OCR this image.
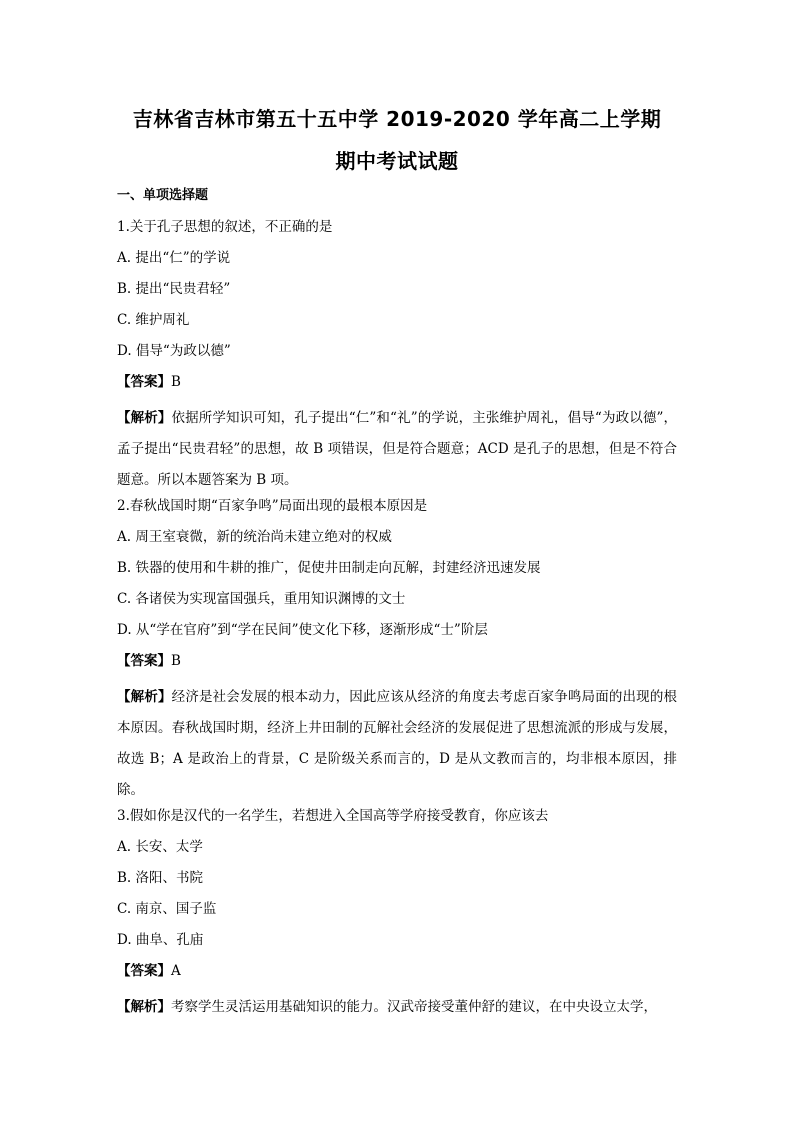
吉林省吉林市第五十五中学 2019-2020 学年高二上学期
期中考试试题
一、单项选择题
1.关于孔子思想的叙述，不正确的是
A. 提出“仁”的学说
B. 提出“民贵君轻”
C. 维护周礼
D. 倡导“为政以德”
【答案】B

【解析】依据所学知识可知，孔子提出“仁”和“礼”的学说，主张维护周礼，倡导“为政以德”，孟子提出“民贵君轻”的思想，故 B 项错误，但是符合题意；ACD 是孔子的思想，但是不符合题意。所以本题答案为 B 项。

2.春秋战国时期“百家争鸣”局面出现的最根本原因是
A. 周王室衰微，新的统治尚未建立绝对的权威
B. 铁器的使用和牛耕的推广，促使井田制走向瓦解，封建经济迅速发展
C. 各诸侯为实现富国强兵，重用知识渊博的文士
D. 从“学在官府”到“学在民间”使文化下移，逐渐形成“士”阶层
【答案】B

【解析】经济是社会发展的根本动力，因此应该从经济的角度去考虑百家争鸣局面的出现的根本原因。春秋战国时期，经济上井田制的瓦解社会经济的发展促进了思想流派的形成与发展，故选 B；A 是政治上的背景，C 是阶级关系而言的，D 是从文教而言的，均非根本原因，排除。

3.假如你是汉代的一名学生，若想进入全国高等学府接受教育，你应该去
A. 长安、太学
B. 洛阳、书院
C. 南京、国子监
D. 曲阜、孔庙
【答案】A

【解析】考察学生灵活运用基础知识的能力。汉武帝接受董仲舒的建议，在中央设立太学，
